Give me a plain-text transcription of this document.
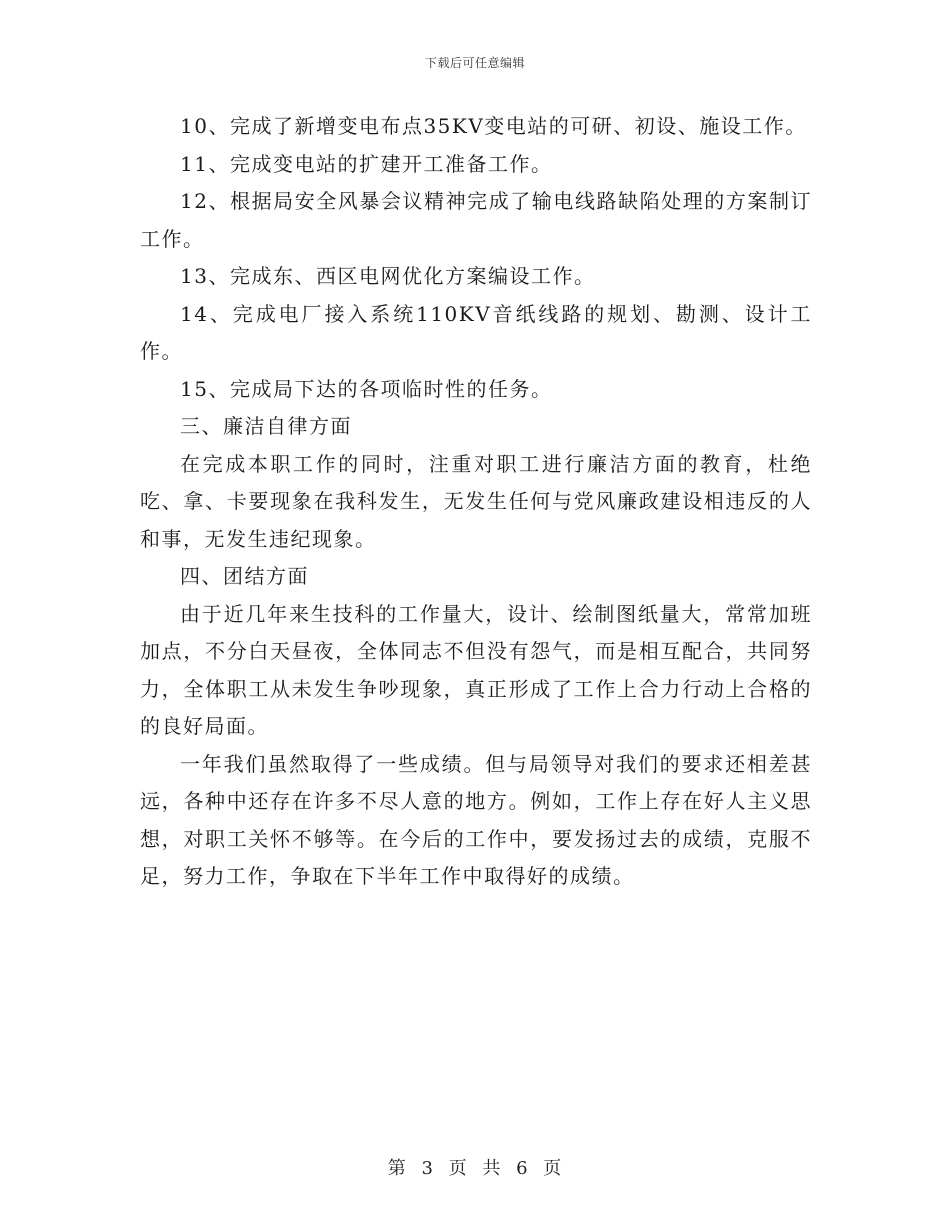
下载后可任意编辑

10、完成了新增变电布点35KV变电站的可研、初设、施设工作。

11、完成变电站的扩建开工准备工作。

12、根据局安全风暴会议精神完成了输电线路缺陷处理的方案制订工作。

13、完成东、西区电网优化方案编设工作。

14、完成电厂接入系统110KV音纸线路的规划、勘测、设计工作。

15、完成局下达的各项临时性的任务。

三、廉洁自律方面

在完成本职工作的同时，注重对职工进行廉洁方面的教育，杜绝吃、拿、卡要现象在我科发生，无发生任何与党风廉政建设相违反的人和事，无发生违纪现象。

四、团结方面

由于近几年来生技科的工作量大，设计、绘制图纸量大，常常加班加点，不分白天昼夜，全体同志不但没有怨气，而是相互配合，共同努力，全体职工从未发生争吵现象，真正形成了工作上合力行动上合格的的良好局面。

一年我们虽然取得了一些成绩。但与局领导对我们的要求还相差甚远，各种中还存在许多不尽人意的地方。例如，工作上存在好人主义思想，对职工关怀不够等。在今后的工作中，要发扬过去的成绩，克服不足，努力工作，争取在下半年工作中取得好的成绩。

第 3 页 共 6 页
